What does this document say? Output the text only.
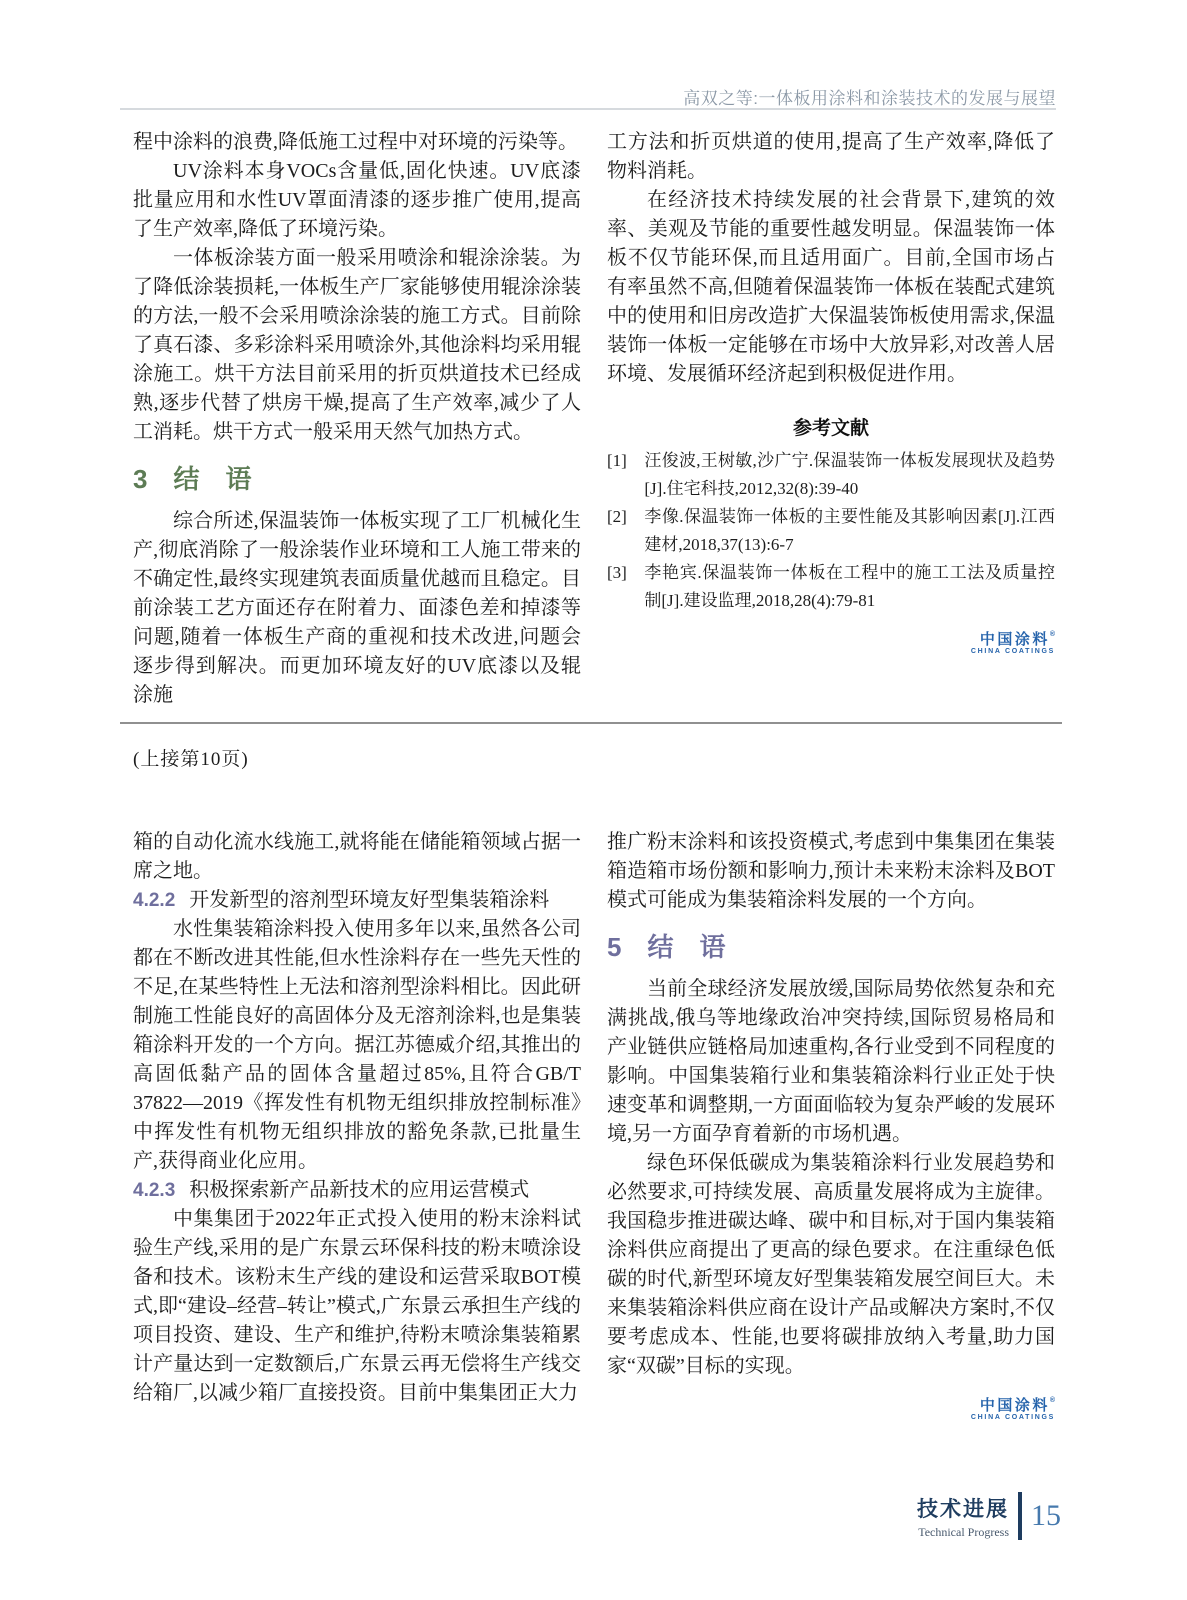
高双之等:一体板用涂料和涂装技术的发展与展望

程中涂料的浪费,降低施工过程中对环境的污染等。

UV涂料本身VOCs含量低,固化快速。UV底漆批量应用和水性UV罩面清漆的逐步推广使用,提高了生产效率,降低了环境污染。

一体板涂装方面一般采用喷涂和辊涂涂装。为了降低涂装损耗,一体板生产厂家能够使用辊涂涂装的方法,一般不会采用喷涂涂装的施工方式。目前除了真石漆、多彩涂料采用喷涂外,其他涂料均采用辊涂施工。烘干方法目前采用的折页烘道技术已经成熟,逐步代替了烘房干燥,提高了生产效率,减少了人工消耗。烘干方式一般采用天然气加热方式。

3 结　语

综合所述,保温装饰一体板实现了工厂机械化生产,彻底消除了一般涂装作业环境和工人施工带来的不确定性,最终实现建筑表面质量优越而且稳定。目前涂装工艺方面还存在附着力、面漆色差和掉漆等问题,随着一体板生产商的重视和技术改进,问题会逐步得到解决。而更加环境友好的UV底漆以及辊涂施

工方法和折页烘道的使用,提高了生产效率,降低了物料消耗。

在经济技术持续发展的社会背景下,建筑的效率、美观及节能的重要性越发明显。保温装饰一体板不仅节能环保,而且适用面广。目前,全国市场占有率虽然不高,但随着保温装饰一体板在装配式建筑中的使用和旧房改造扩大保温装饰板使用需求,保温装饰一体板一定能够在市场中大放异彩,对改善人居环境、发展循环经济起到积极促进作用。

参考文献
[1]	汪俊波,王树敏,沙广宁.保温装饰一体板发展现状及趋势[J].住宅科技,2012,32(8):39-40
[2]	李像.保温装饰一体板的主要性能及其影响因素[J].江西建材,2018,37(13):6-7
[3]	李艳宾.保温装饰一体板在工程中的施工工法及质量控制[J].建设监理,2018,28(4):79-81
中国涂料®
CHINA COATINGS
(上接第10页)

箱的自动化流水线施工,就将能在储能箱领域占据一席之地。

4.2.2 开发新型的溶剂型环境友好型集装箱涂料

水性集装箱涂料投入使用多年以来,虽然各公司都在不断改进其性能,但水性涂料存在一些先天性的不足,在某些特性上无法和溶剂型涂料相比。因此研制施工性能良好的高固体分及无溶剂涂料,也是集装箱涂料开发的一个方向。据江苏德威介绍,其推出的高固低黏产品的固体含量超过85%,且符合GB/T 37822—2019《挥发性有机物无组织排放控制标准》中挥发性有机物无组织排放的豁免条款,已批量生产,获得商业化应用。

4.2.3 积极探索新产品新技术的应用运营模式

中集集团于2022年正式投入使用的粉末涂料试验生产线,采用的是广东景云环保科技的粉末喷涂设备和技术。该粉末生产线的建设和运营采取BOT模式,即“建设–经营–转让”模式,广东景云承担生产线的项目投资、建设、生产和维护,待粉末喷涂集装箱累计产量达到一定数额后,广东景云再无偿将生产线交给箱厂,以减少箱厂直接投资。目前中集集团正大力

推广粉末涂料和该投资模式,考虑到中集集团在集装箱造箱市场份额和影响力,预计未来粉末涂料及BOT模式可能成为集装箱涂料发展的一个方向。

5 结　语

当前全球经济发展放缓,国际局势依然复杂和充满挑战,俄乌等地缘政治冲突持续,国际贸易格局和产业链供应链格局加速重构,各行业受到不同程度的影响。中国集装箱行业和集装箱涂料行业正处于快速变革和调整期,一方面面临较为复杂严峻的发展环境,另一方面孕育着新的市场机遇。

绿色环保低碳成为集装箱涂料行业发展趋势和必然要求,可持续发展、高质量发展将成为主旋律。我国稳步推进碳达峰、碳中和目标,对于国内集装箱涂料供应商提出了更高的绿色要求。在注重绿色低碳的时代,新型环境友好型集装箱发展空间巨大。未来集装箱涂料供应商在设计产品或解决方案时,不仅要考虑成本、性能,也要将碳排放纳入考量,助力国家“双碳”目标的实现。

中国涂料®
CHINA COATINGS
技术进展
Technical Progress 15
